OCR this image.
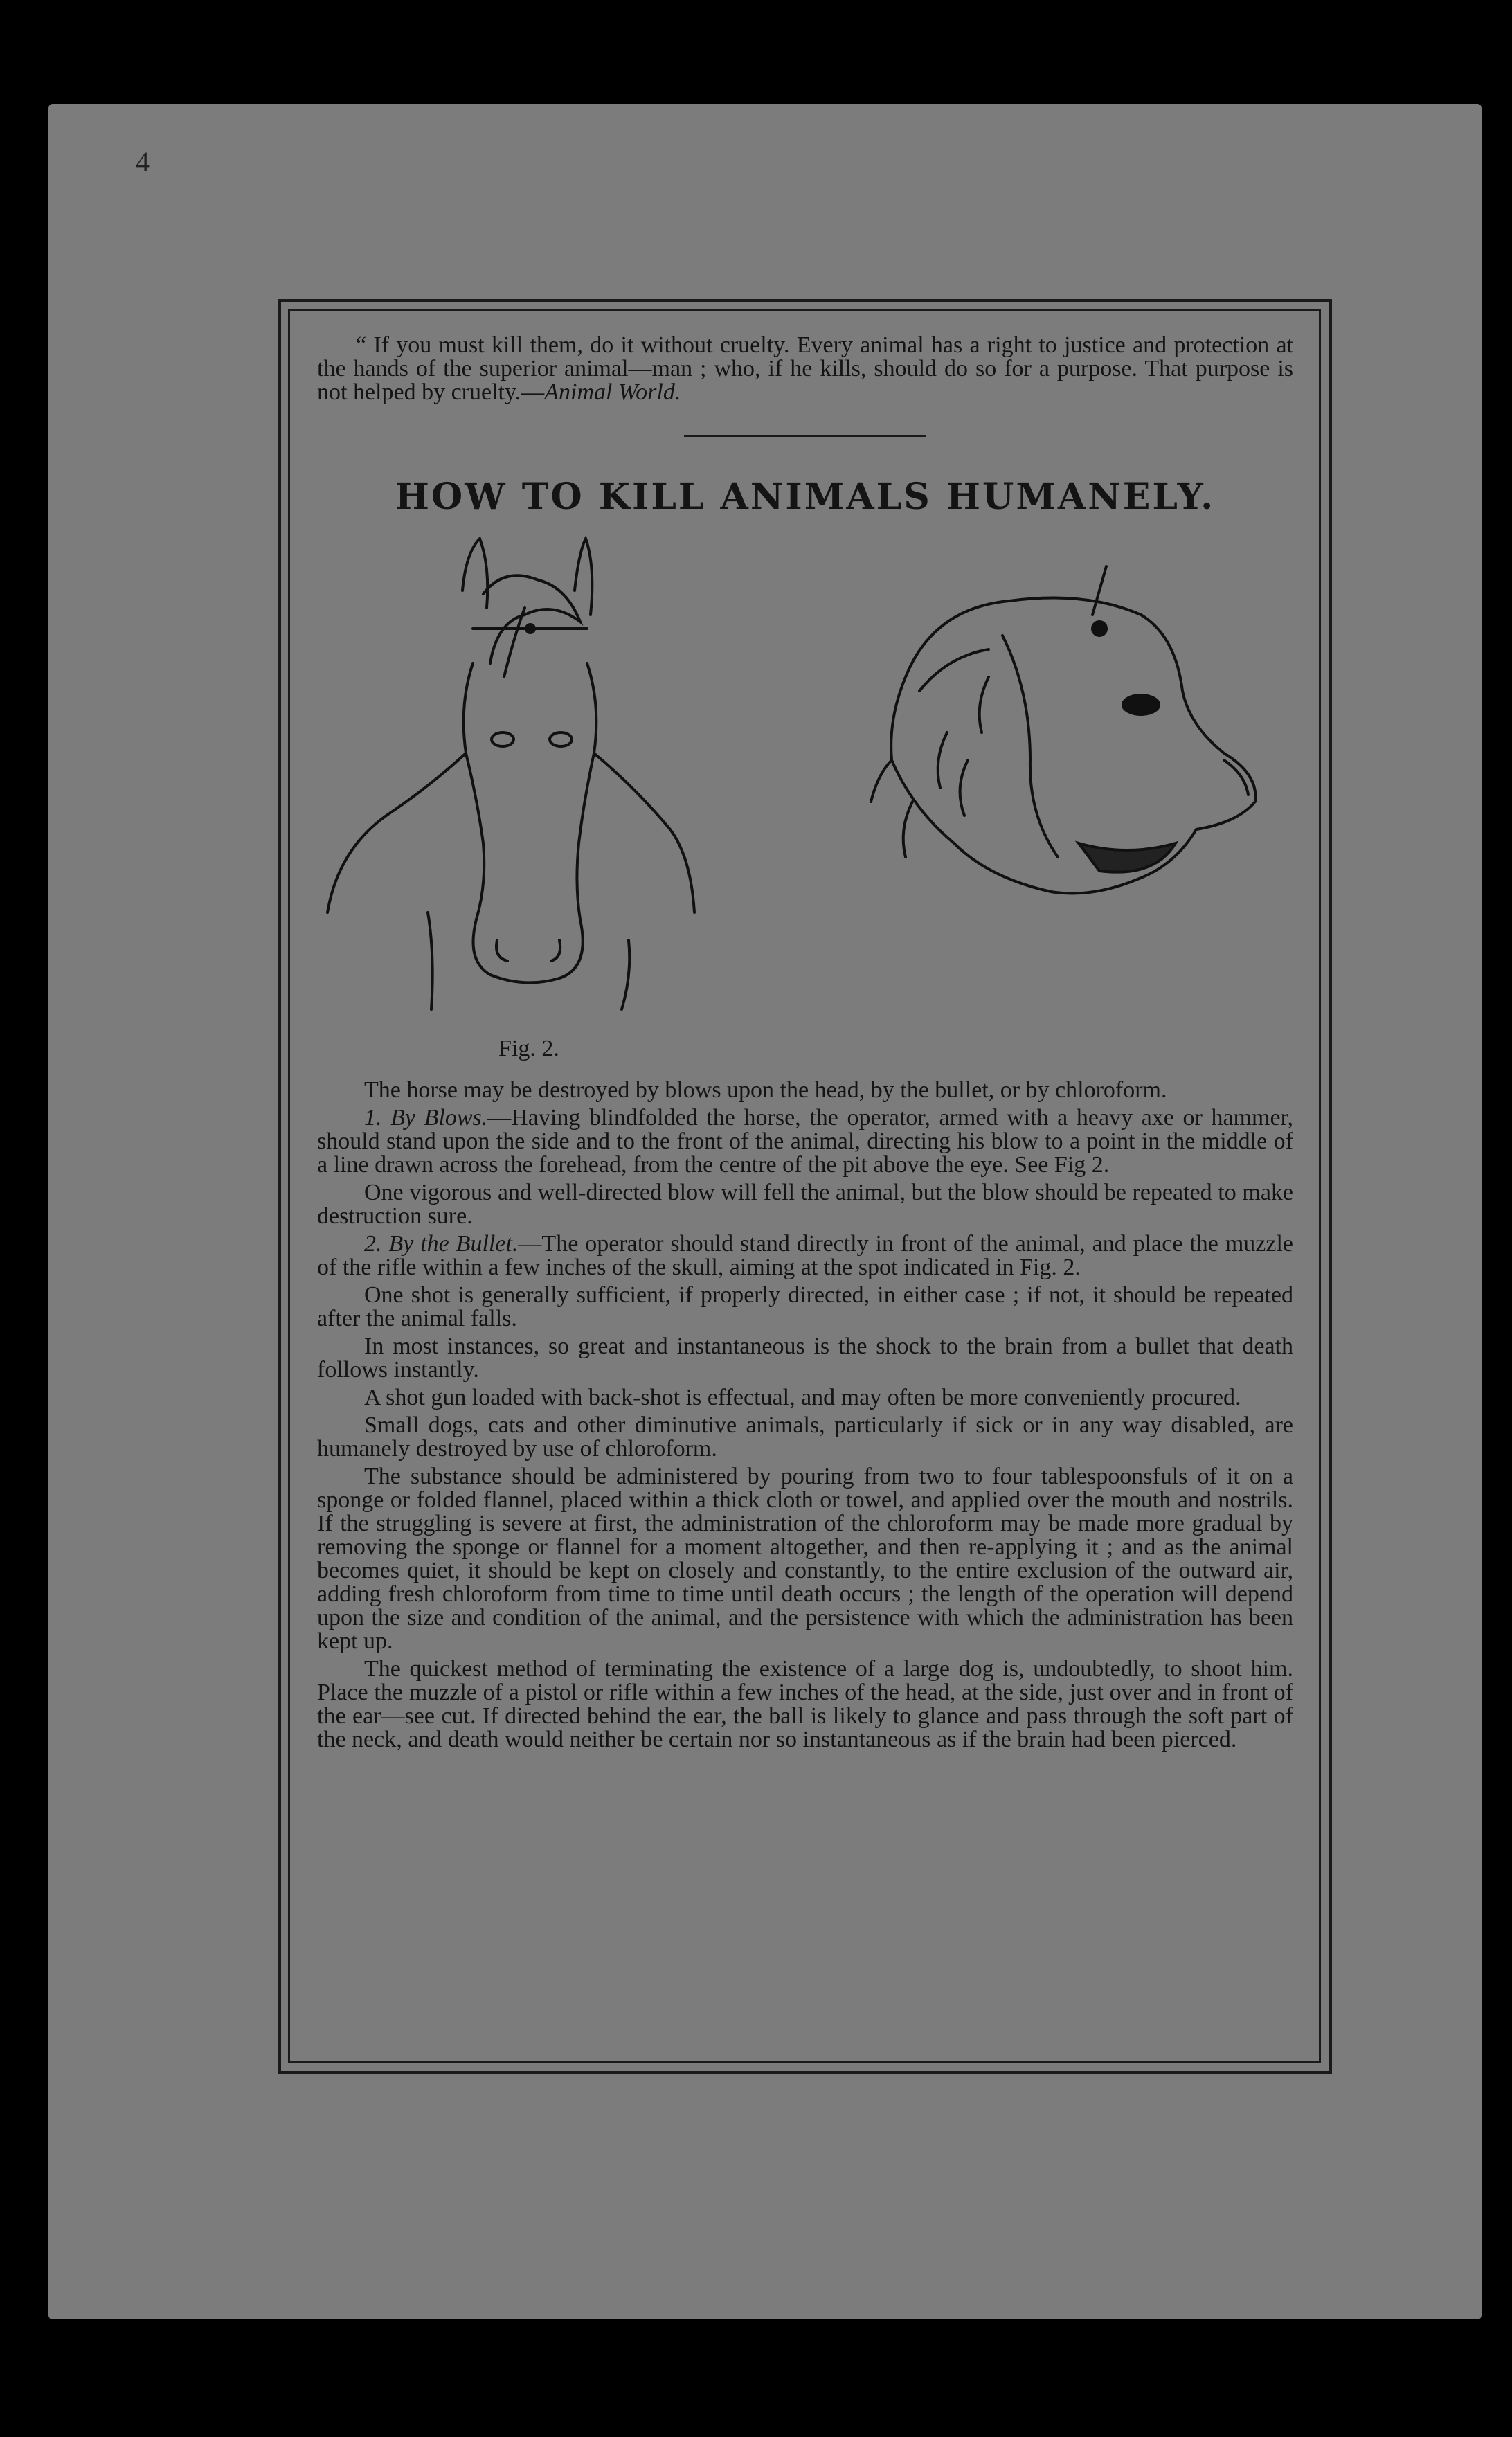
4

“ If you must kill them, do it without cruelty. Every animal has a right to justice and protection at the hands of the superior animal—man ; who, if he kills, should do so for a purpose. That purpose is not helped by cruelty.—Animal World.

HOW TO KILL ANIMALS HUMANELY.
Fig. 2.

The horse may be destroyed by blows upon the head, by the bullet, or by chloroform.

1. By Blows.—Having blindfolded the horse, the operator, armed with a heavy axe or hammer, should stand upon the side and to the front of the animal, directing his blow to a point in the middle of a line drawn across the forehead, from the centre of the pit above the eye. See Fig 2.

One vigorous and well-directed blow will fell the animal, but the blow should be repeated to make destruction sure.

2. By the Bullet.—The operator should stand directly in front of the animal, and place the muzzle of the rifle within a few inches of the skull, aiming at the spot indicated in Fig. 2.

One shot is generally sufficient, if properly directed, in either case ; if not, it should be repeated after the animal falls.

In most instances, so great and instantaneous is the shock to the brain from a bullet that death follows instantly.

A shot gun loaded with back-shot is effectual, and may often be more conveniently procured.

Small dogs, cats and other diminutive animals, particularly if sick or in any way disabled, are humanely destroyed by use of chloroform.

The substance should be administered by pouring from two to four tablespoonsfuls of it on a sponge or folded flannel, placed within a thick cloth or towel, and applied over the mouth and nostrils. If the struggling is severe at first, the administration of the chloroform may be made more gradual by removing the sponge or flannel for a moment altogether, and then re-applying it ; and as the animal becomes quiet, it should be kept on closely and constantly, to the entire exclusion of the outward air, adding fresh chloroform from time to time until death occurs ; the length of the operation will depend upon the size and condition of the animal, and the persistence with which the administration has been kept up.

The quickest method of terminating the existence of a large dog is, undoubtedly, to shoot him. Place the muzzle of a pistol or rifle within a few inches of the head, at the side, just over and in front of the ear—see cut. If directed behind the ear, the ball is likely to glance and pass through the soft part of the neck, and death would neither be certain nor so instantaneous as if the brain had been pierced.
